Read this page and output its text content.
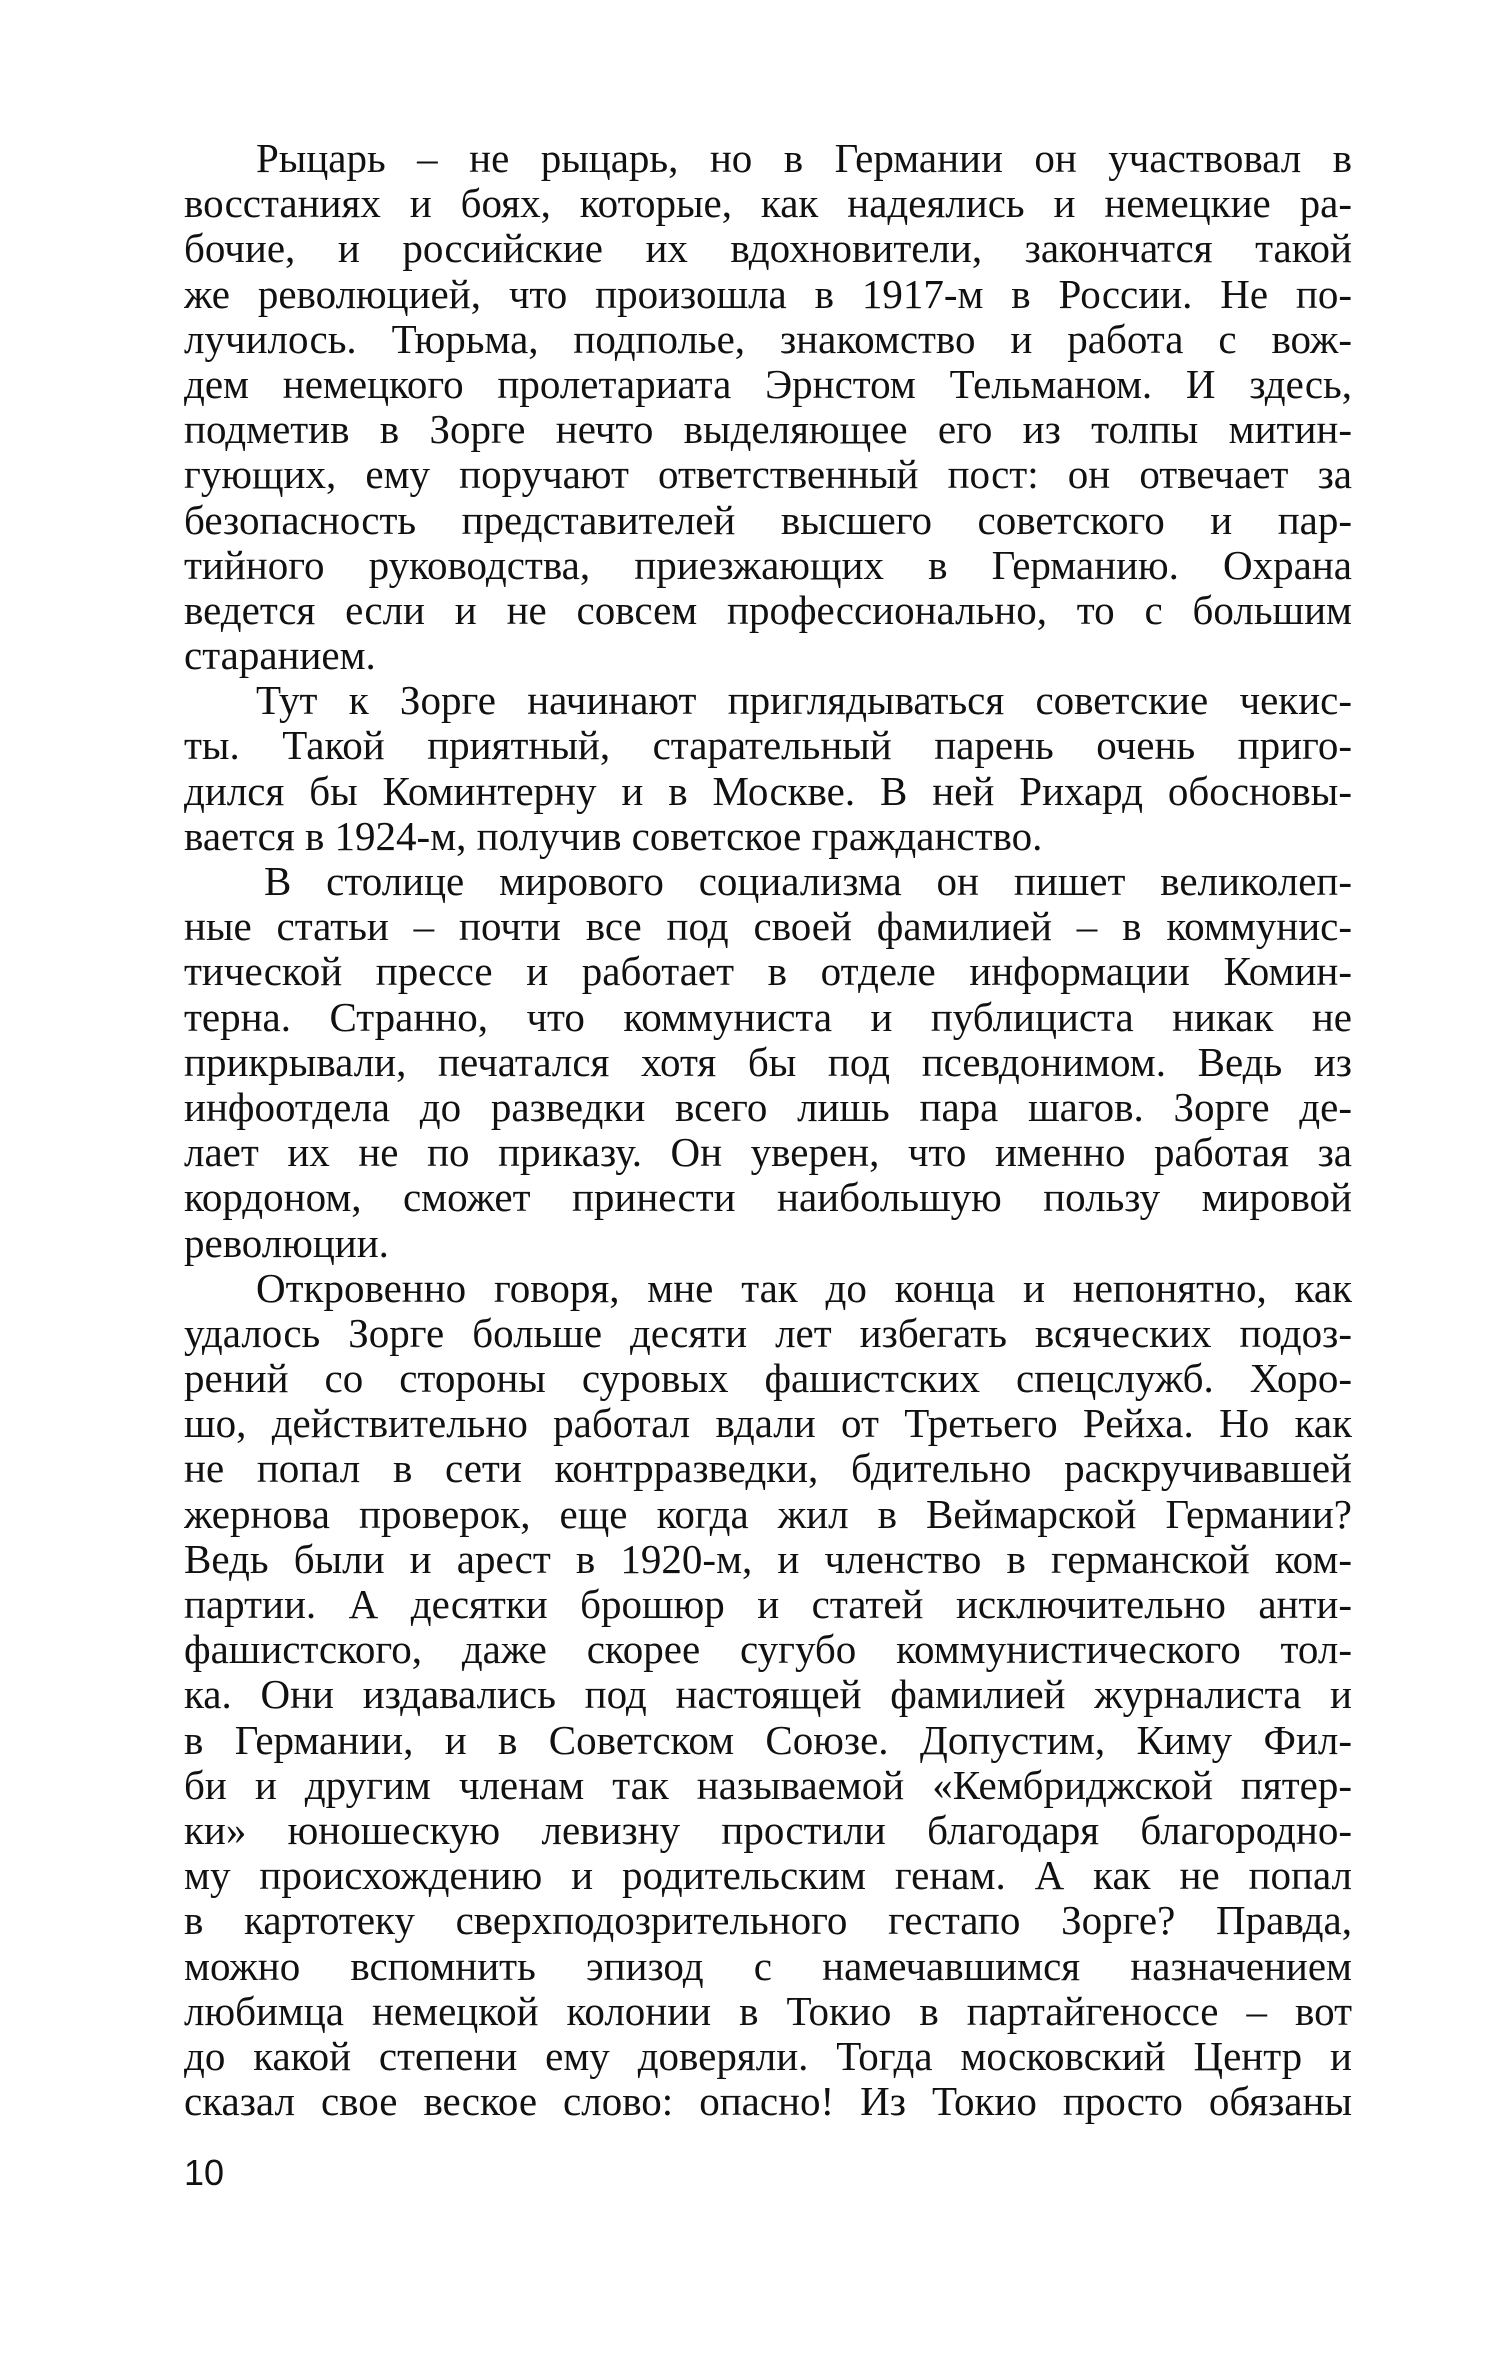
Рыцарь – не рыцарь, но в Германии он участвовал в
восстаниях и боях, которые, как надеялись и немецкие ра-
бочие, и российские их вдохновители, закончатся такой
же революцией, что произошла в 1917-м в России. Не по-
лучилось. Тюрьма, подполье, знакомство и работа с вож-
дем немецкого пролетариата Эрнстом Тельманом. И здесь,
подметив в Зорге нечто выделяющее его из толпы митин-
гующих, ему поручают ответственный пост: он отвечает за
безопасность представителей высшего советского и пар-
тийного руководства, приезжающих в Германию. Охрана
ведется если и не совсем профессионально, то с большим
старанием.
Тут к Зорге начинают приглядываться советские чекис-
ты. Такой приятный, старательный парень очень приго-
дился бы Коминтерну и в Москве. В ней Рихард обосновы-
вается в 1924-м, получив советское гражданство.
В столице мирового социализма он пишет великолеп-
ные статьи – почти все под своей фамилией – в коммунис-
тической прессе и работает в отделе информации Комин-
терна. Странно, что коммуниста и публициста никак не
прикрывали, печатался хотя бы под псевдонимом. Ведь из
инфоотдела до разведки всего лишь пара шагов. Зорге де-
лает их не по приказу. Он уверен, что именно работая за
кордоном, сможет принести наибольшую пользу мировой
революции.
Откровенно говоря, мне так до конца и непонятно, как
удалось Зорге больше десяти лет избегать всяческих подоз-
рений со стороны суровых фашистских спецслужб. Хоро-
шо, действительно работал вдали от Третьего Рейха. Но как
не попал в сети контрразведки, бдительно раскручивавшей
жернова проверок, еще когда жил в Веймарской Германии?
Ведь были и арест в 1920-м, и членство в германской ком-
партии. А десятки брошюр и статей исключительно анти-
фашистского, даже скорее сугубо коммунистического тол-
ка. Они издавались под настоящей фамилией журналиста и
в Германии, и в Советском Союзе. Допустим, Киму Фил-
би и другим членам так называемой «Кембриджской пятер-
ки» юношескую левизну простили благодаря благородно-
му происхождению и родительским генам. А как не попал
в картотеку сверхподозрительного гестапо Зорге? Правда,
можно вспомнить эпизод с намечавшимся назначением
любимца немецкой колонии в Токио в партайгеноссе – вот
до какой степени ему доверяли. Тогда московский Центр и
сказал свое веское слово: опасно! Из Токио просто обязаны
10
